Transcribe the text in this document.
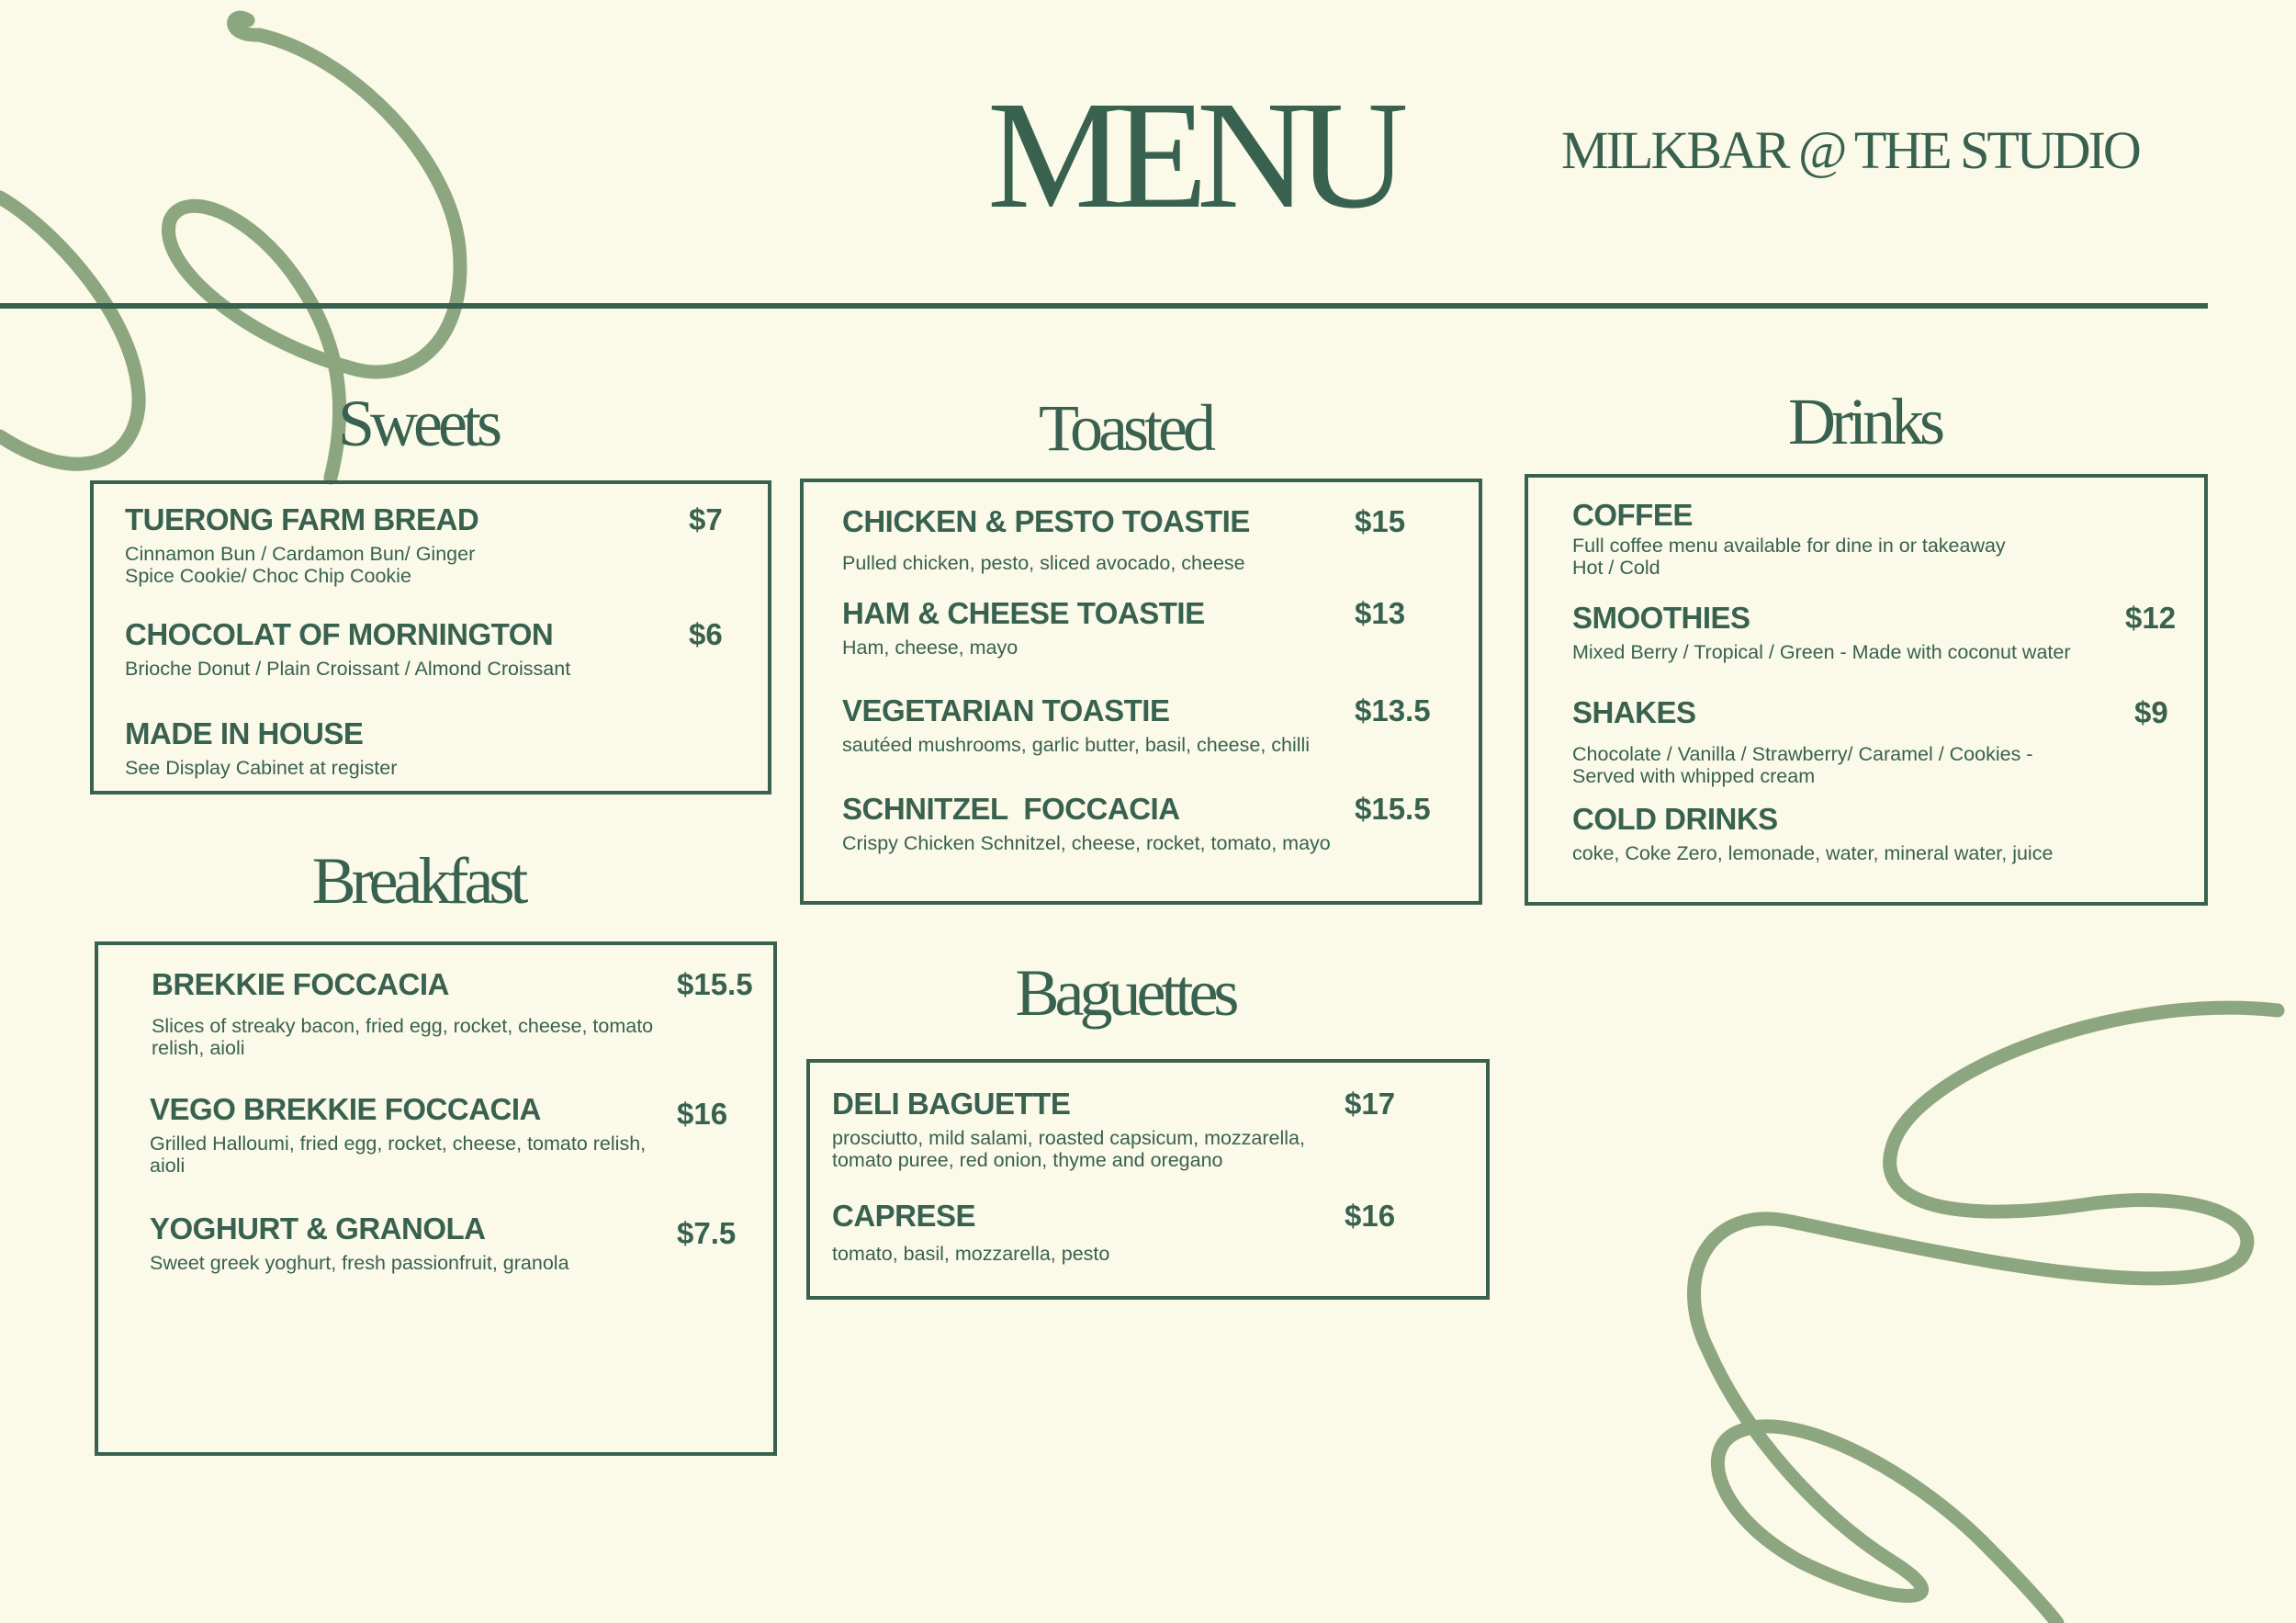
MENU	MILKBAR @ THE STUDIO
Sweets
TUERONG FARM BREAD
Cinnamon Bun / Cardamon Bun/ Ginger
Spice Cookie/ Choc Chip Cookie
$7
CHOCOLAT OF MORNINGTON
Brioche Donut / Plain Croissant / Almond Croissant
$6
MADE IN HOUSE
See Display Cabinet at register
Breakfast
BREKKIE FOCCACIA
Slices of streaky bacon, fried egg, rocket, cheese, tomato
relish, aioli
$15.5
VEGO BREKKIE FOCCACIA
Grilled Halloumi, fried egg, rocket, cheese, tomato relish,
aioli
$16
YOGHURT & GRANOLA
Sweet greek yoghurt, fresh passionfruit, granola
$7.5
Toasted
CHICKEN & PESTO TOASTIE
Pulled chicken, pesto, sliced avocado, cheese
$15
HAM & CHEESE TOASTIE
Ham, cheese, mayo
$13
VEGETARIAN TOASTIE
sautéed mushrooms, garlic butter, basil, cheese, chilli
$13.5
SCHNITZEL  FOCCACIA
Crispy Chicken Schnitzel, cheese, rocket, tomato, mayo
$15.5
Baguettes
DELI BAGUETTE
prosciutto, mild salami, roasted capsicum, mozzarella,
tomato puree, red onion, thyme and oregano
$17
CAPRESE
tomato, basil, mozzarella, pesto
$16
Drinks
COFFEE
Full coffee menu available for dine in or takeaway
Hot / Cold
SMOOTHIES
Mixed Berry / Tropical / Green - Made with coconut water
$12
SHAKES
Chocolate / Vanilla / Strawberry/ Caramel / Cookies -
Served with whipped cream
$9
COLD DRINKS
coke, Coke Zero, lemonade, water, mineral water, juice
